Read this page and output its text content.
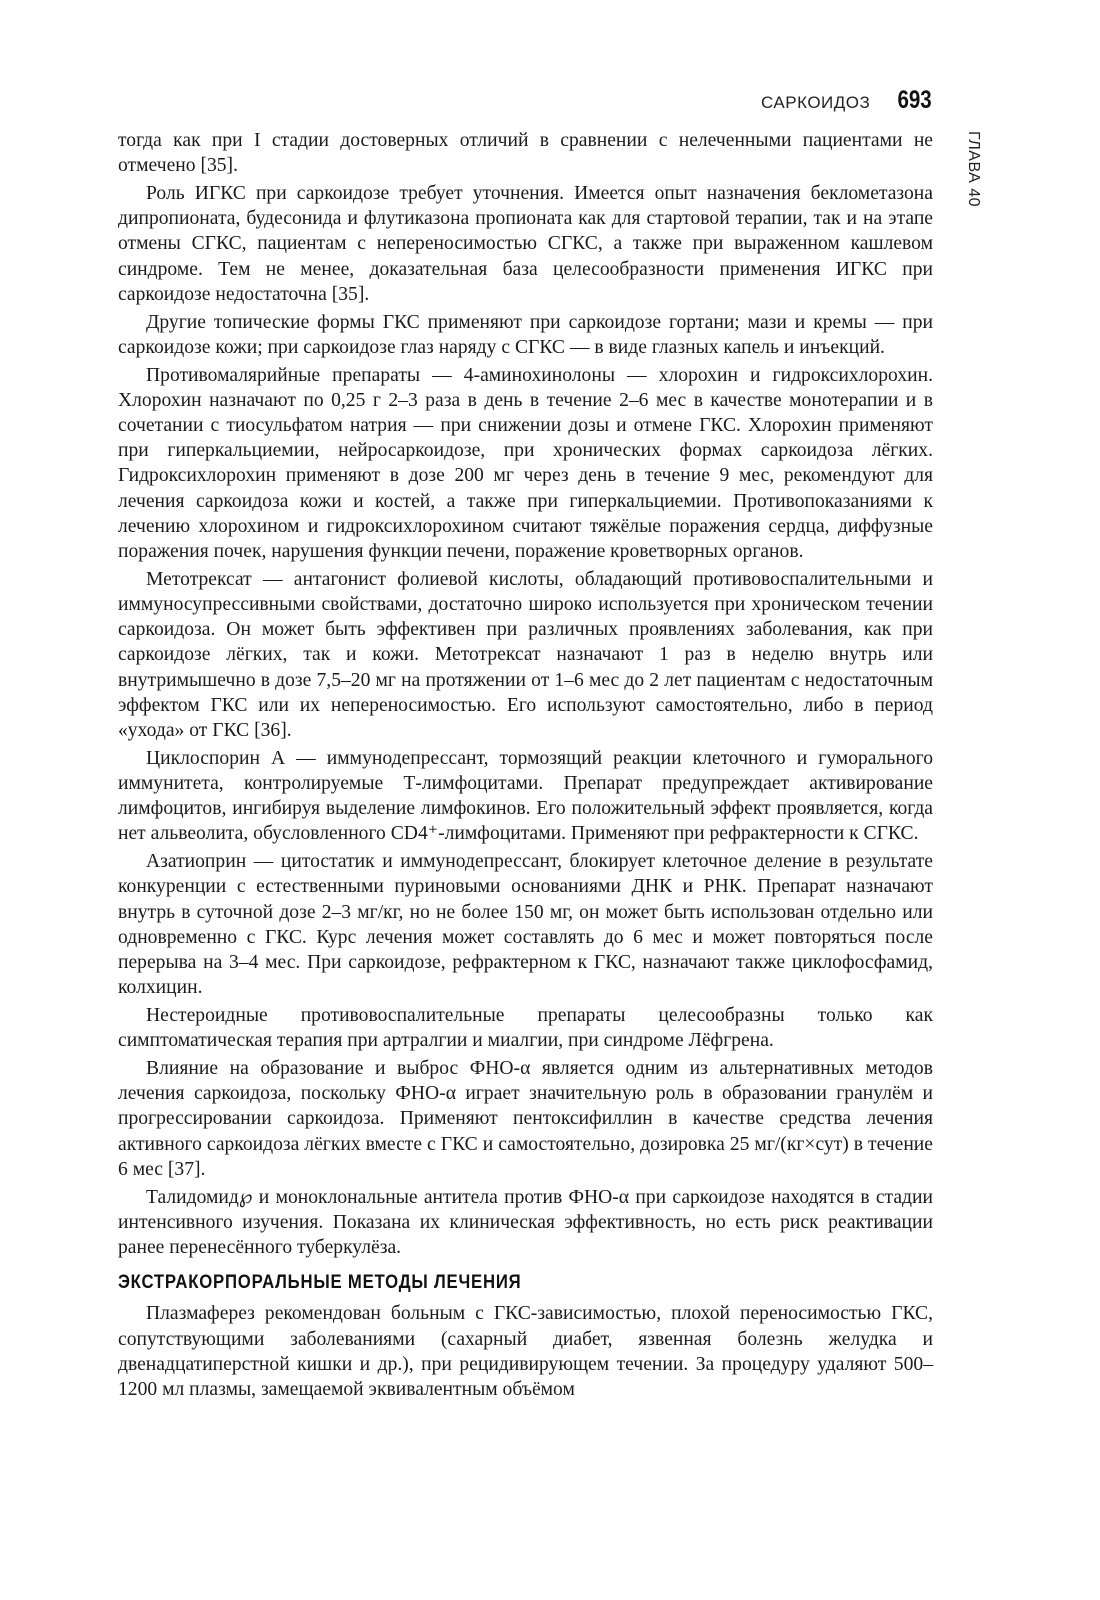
САРКОИДОЗ 693
ГЛАВА 40

тогда как при I стадии достоверных отличий в сравнении с нелеченными пациентами не отмечено [35].

Роль ИГКС при саркоидозе требует уточнения. Имеется опыт назначения беклометазона дипропионата, будесонида и флутиказона пропионата как для стартовой терапии, так и на этапе отмены СГКС, пациентам с непереносимостью СГКС, а также при выраженном кашлевом синдроме. Тем не менее, доказательная база целесообразности применения ИГКС при саркоидозе недостаточна [35].

Другие топические формы ГКС применяют при саркоидозе гортани; мази и кремы — при саркоидозе кожи; при саркоидозе глаз наряду с СГКС — в виде глазных капель и инъекций.

Противомалярийные препараты — 4-аминохинолоны — хлорохин и гидроксихлорохин. Хлорохин назначают по 0,25 г 2–3 раза в день в течение 2–6 мес в качестве монотерапии и в сочетании с тиосульфатом натрия — при снижении дозы и отмене ГКС. Хлорохин применяют при гиперкальциемии, нейросаркоидозе, при хронических формах саркоидоза лёгких. Гидроксихлорохин применяют в дозе 200 мг через день в течение 9 мес, рекомендуют для лечения саркоидоза кожи и костей, а также при гиперкальциемии. Противопоказаниями к лечению хлорохином и гидроксихлорохином считают тяжёлые поражения сердца, диффузные поражения почек, нарушения функции печени, поражение кроветворных органов.

Метотрексат — антагонист фолиевой кислоты, обладающий противовоспалительными и иммуносупрессивными свойствами, достаточно широко используется при хроническом течении саркоидоза. Он может быть эффективен при различных проявлениях заболевания, как при саркоидозе лёгких, так и кожи. Метотрексат назначают 1 раз в неделю внутрь или внутримышечно в дозе 7,5–20 мг на протяжении от 1–6 мес до 2 лет пациентам с недостаточным эффектом ГКС или их непереносимостью. Его используют самостоятельно, либо в период «ухода» от ГКС [36].

Циклоспорин А — иммунодепрессант, тормозящий реакции клеточного и гуморального иммунитета, контролируемые Т-лимфоцитами. Препарат предупреждает активирование лимфоцитов, ингибируя выделение лимфокинов. Его положительный эффект проявляется, когда нет альвеолита, обусловленного CD4⁺-лимфоцитами. Применяют при рефрактерности к СГКС.

Азатиоприн — цитостатик и иммунодепрессант, блокирует клеточное деление в результате конкуренции с естественными пуриновыми основаниями ДНК и РНК. Препарат назначают внутрь в суточной дозе 2–3 мг/кг, но не более 150 мг, он может быть использован отдельно или одновременно с ГКС. Курс лечения может составлять до 6 мес и может повторяться после перерыва на 3–4 мес. При саркоидозе, рефрактерном к ГКС, назначают также циклофосфамид, колхицин.

Нестероидные противовоспалительные препараты целесообразны только как симптоматическая терапия при артралгии и миалгии, при синдроме Лёфгрена.

Влияние на образование и выброс ФНО-α является одним из альтернативных методов лечения саркоидоза, поскольку ФНО-α играет значительную роль в образовании гранулём и прогрессировании саркоидоза. Применяют пентоксифиллин в качестве средства лечения активного саркоидоза лёгких вместе с ГКС и самостоятельно, дозировка 25 мг/(кг×сут) в течение 6 мес [37].

Талидомид℘ и моноклональные антитела против ФНО-α при саркоидозе находятся в стадии интенсивного изучения. Показана их клиническая эффективность, но есть риск реактивации ранее перенесённого туберкулёза.

ЭКСТРАКОРПОРАЛЬНЫЕ МЕТОДЫ ЛЕЧЕНИЯ

Плазмаферез рекомендован больным с ГКС-зависимостью, плохой переносимостью ГКС, сопутствующими заболеваниями (сахарный диабет, язвенная болезнь желудка и двенадцатиперстной кишки и др.), при рецидивирующем течении. За процедуру удаляют 500–1200 мл плазмы, замещаемой эквивалентным объёмом
